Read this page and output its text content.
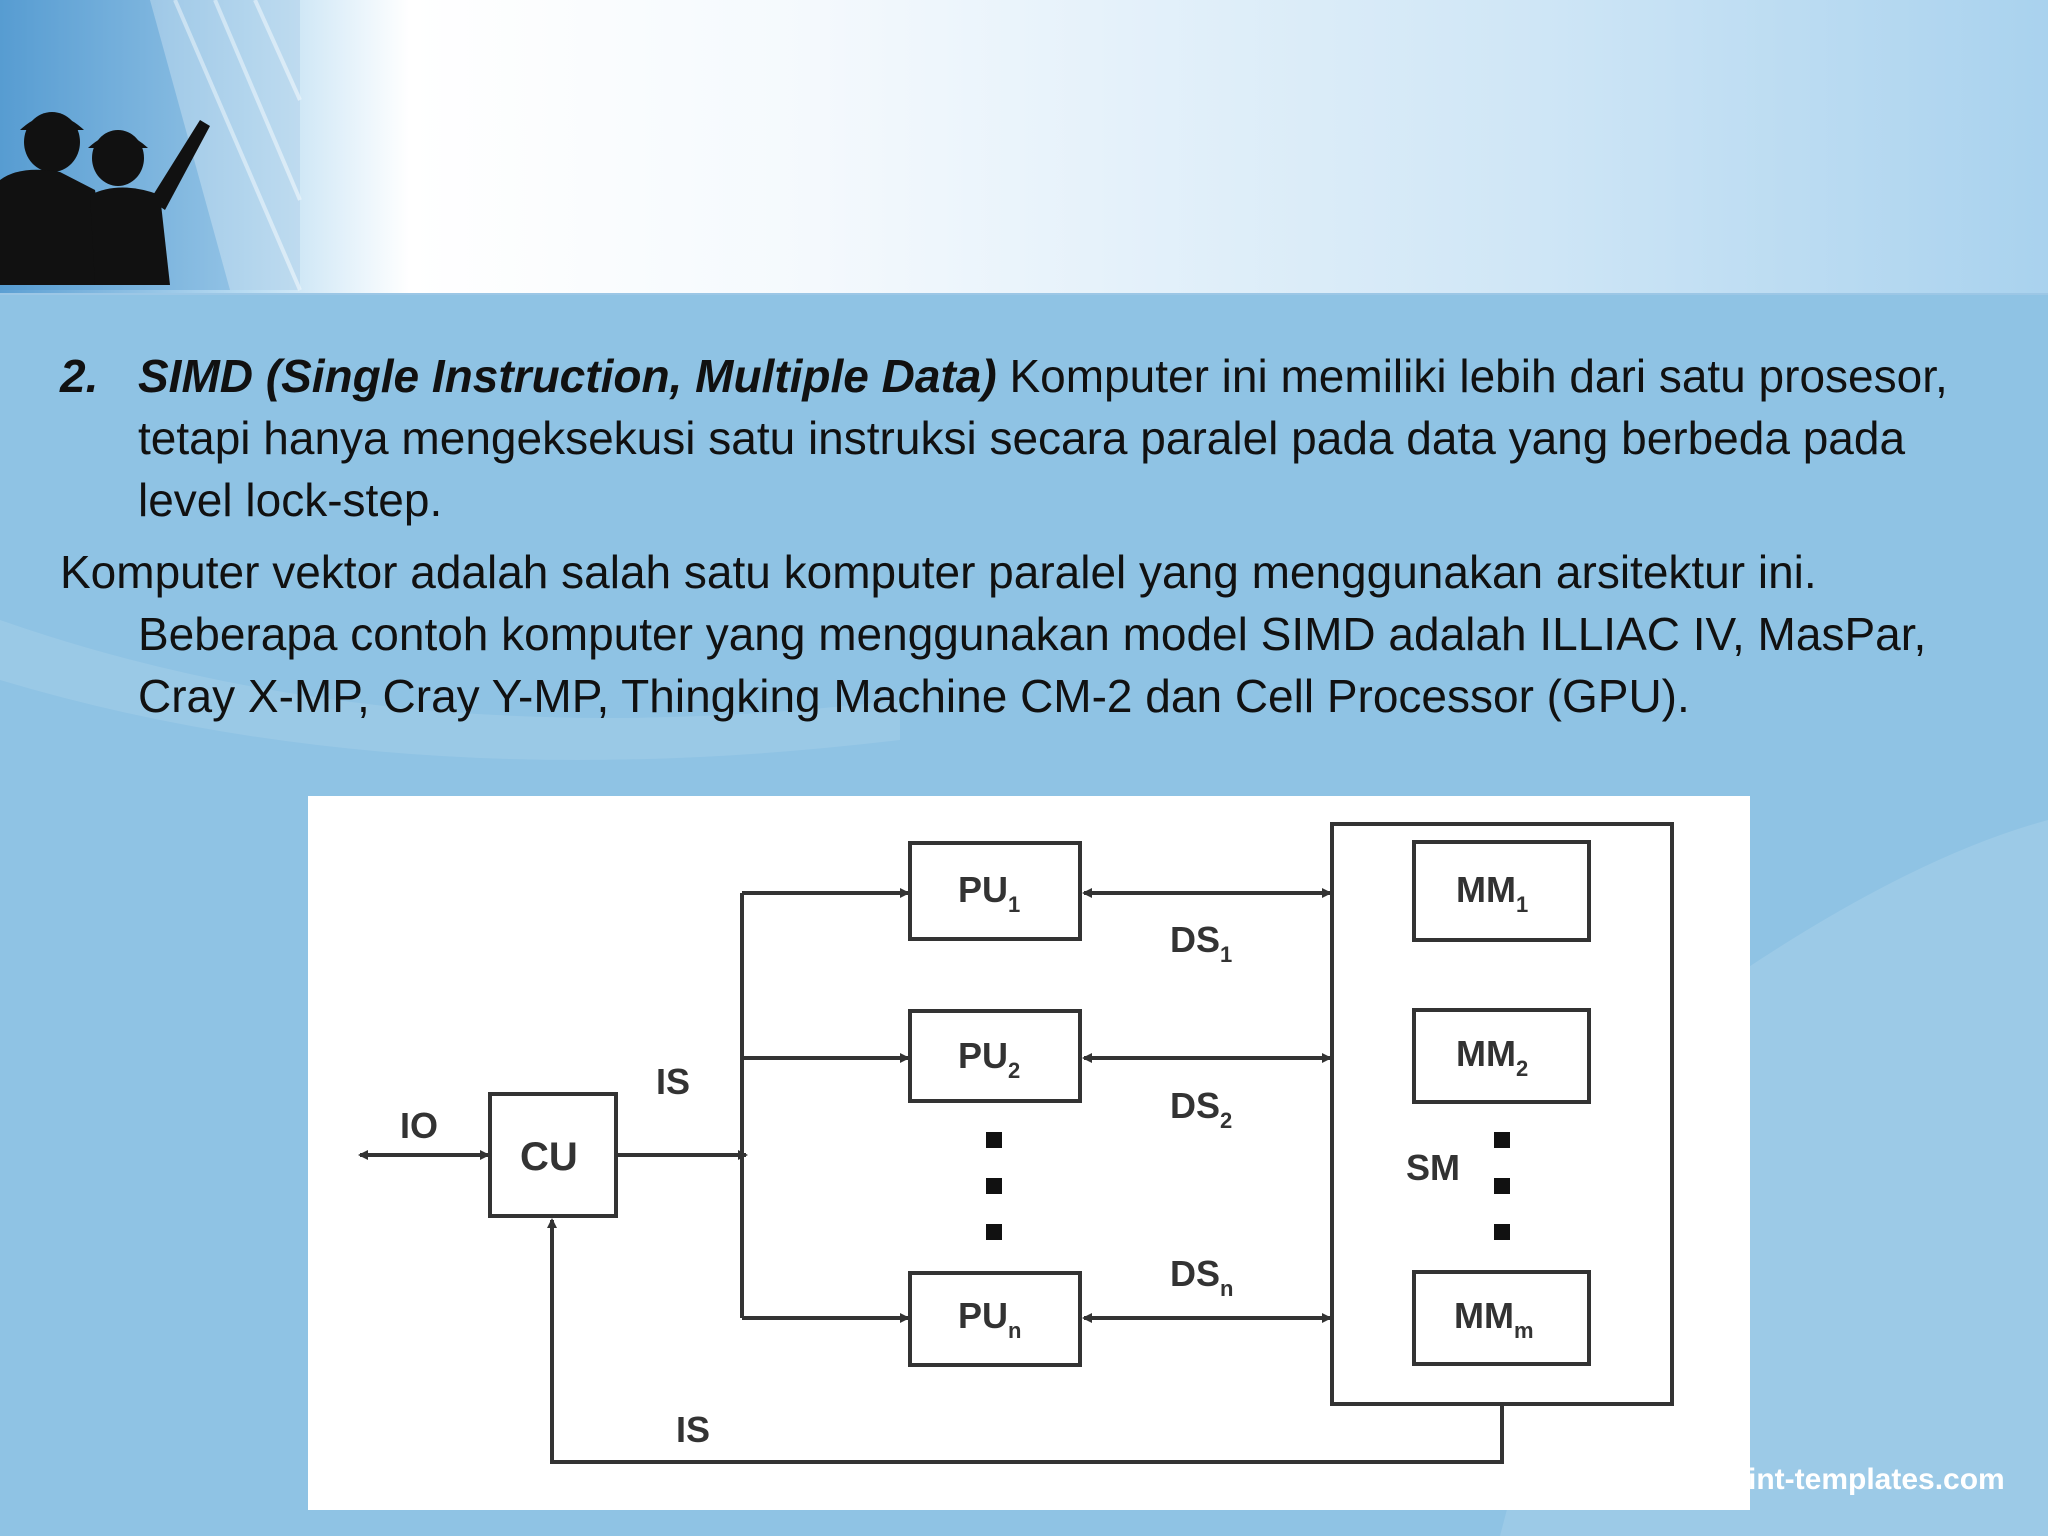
2. SIMD (Single Instruction, Multiple Data) Komputer ini memiliki lebih dari satu prosesor, tetapi hanya mengeksekusi satu instruksi secara paralel pada data yang berbeda pada level lock-step.

Komputer vektor adalah salah satu komputer paralel yang menggunakan arsitektur ini. Beberapa contoh komputer yang menggunakan model SIMD adalah ILLIAC IV, MasPar, Cray X-MP, Cray Y-MP, Thingking Machine CM-2 dan Cell Processor (GPU).

IO
CU
IS
IS
SM
$PU_1$
$PU_2$
$PU_n$
$DS_1$
$DS_2$
$DS_n$
$MM_1$
$MM_2$
$MM_m$
int-templates.com
